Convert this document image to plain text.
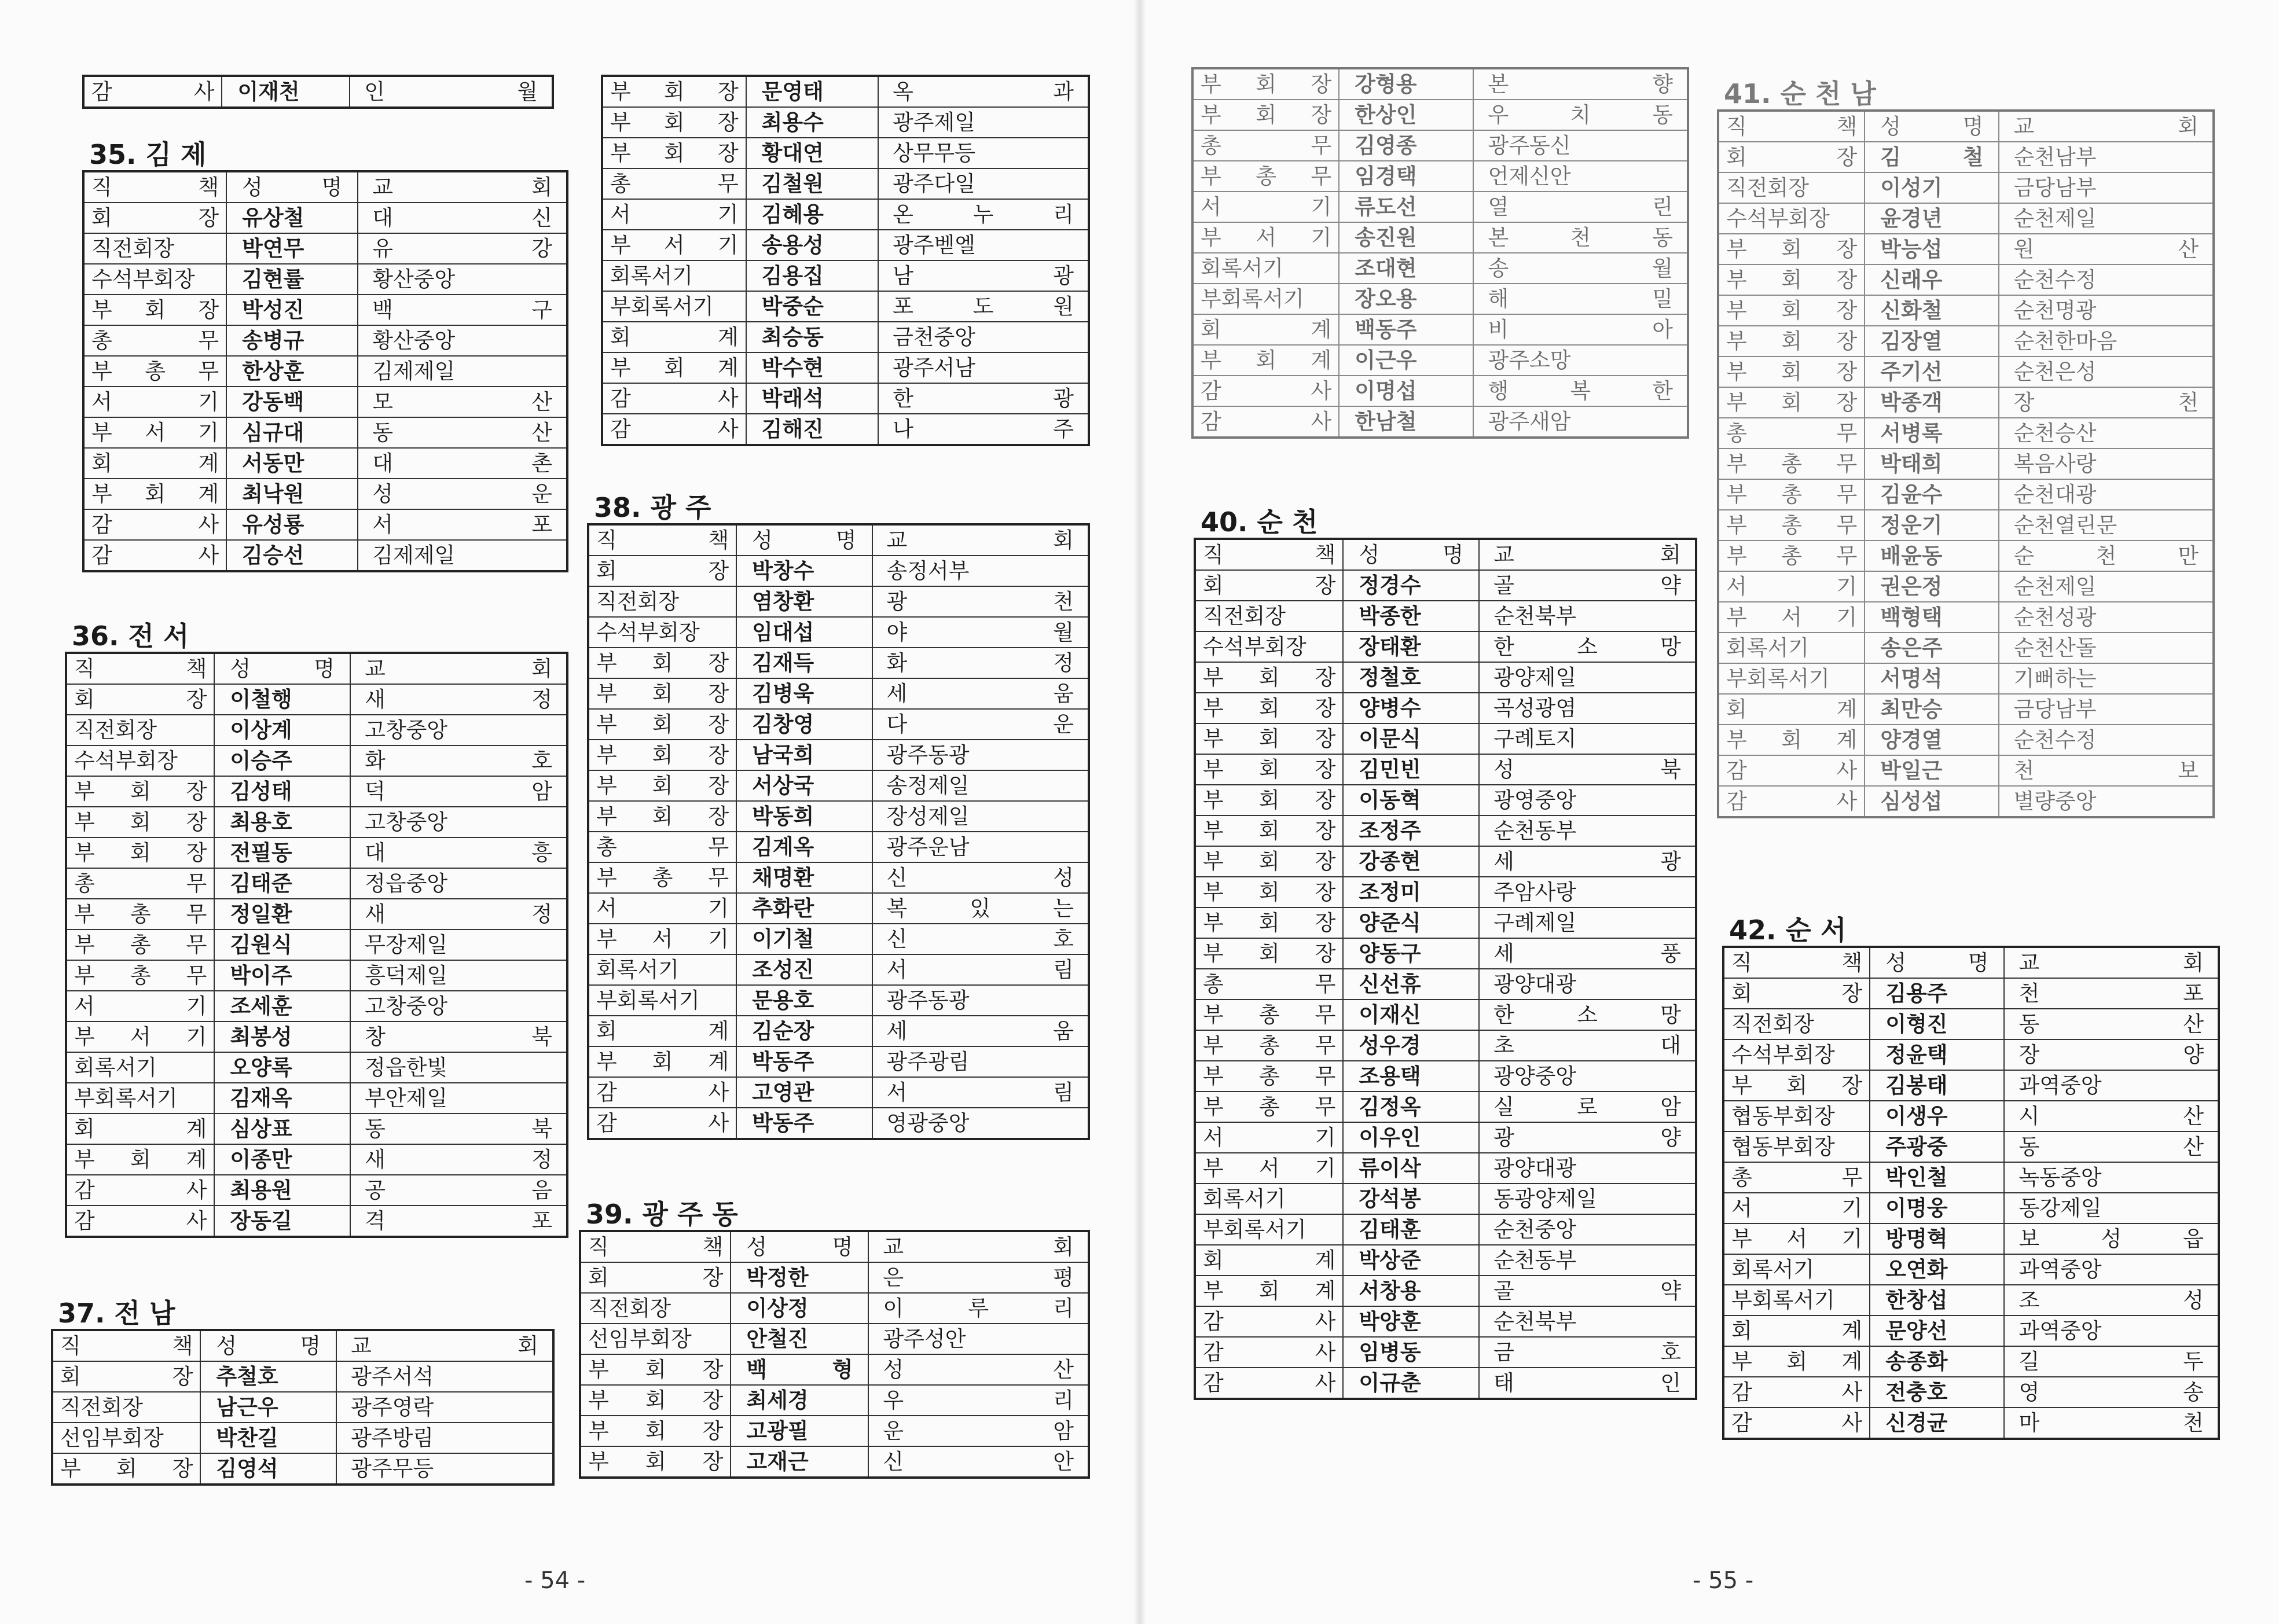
감 사	이재천	인 월
35. 김 제
직 책	성 명	교 회
회 장	유상철	대 신
직전회장	박연무	유 강
수석부회장	김현률	황산중앙
부 회 장	박성진	백 구
총 무	송병규	황산중앙
부 총 무	한상훈	김제제일
서 기	강동백	모 산
부 서 기	심규대	동 산
회 계	서동만	대 촌
부 회 계	최낙원	성 운
감 사	유성룡	서 포
감 사	김승선	김제제일
36. 전 서
직 책	성 명	교 회
회 장	이철행	새 정
직전회장	이상계	고창중앙
수석부회장	이승주	화 호
부 회 장	김성태	덕 암
부 회 장	최용호	고창중앙
부 회 장	전필동	대 흥
총 무	김태준	정읍중앙
부 총 무	정일환	새 정
부 총 무	김원식	무장제일
부 총 무	박이주	흥덕제일
서 기	조세훈	고창중앙
부 서 기	최봉성	창 북
회록서기	오양록	정읍한빛
부회록서기	김재옥	부안제일
회 계	심상표	동 북
부 회 계	이종만	새 정
감 사	최용원	공 음
감 사	장동길	격 포
37. 전 남
직 책	성 명	교 회
회 장	추철호	광주서석
직전회장	남근우	광주영락
선임부회장	박찬길	광주방림
부 회 장	김영석	광주무등
부 회 장	문영태	옥 과
부 회 장	최용수	광주제일
부 회 장	황대연	상무무등
총 무	김철원	광주다일
서 기	김혜용	온 누 리
부 서 기	송용성	광주벧엘
회록서기	김용집	남 광
부회록서기	박중순	포 도 원
회 계	최승동	금천중앙
부 회 계	박수현	광주서남
감 사	박래석	한 광
감 사	김해진	나 주
38. 광 주
직 책	성 명	교 회
회 장	박창수	송정서부
직전회장	염창환	광 천
수석부회장	임대섭	야 월
부 회 장	김재득	화 정
부 회 장	김병욱	세 움
부 회 장	김창영	다 운
부 회 장	남국희	광주동광
부 회 장	서상국	송정제일
부 회 장	박동희	장성제일
총 무	김계옥	광주운남
부 총 무	채명환	신 성
서 기	추화란	복 있 는
부 서 기	이기철	신 호
회록서기	조성진	서 림
부회록서기	문용호	광주동광
회 계	김순장	세 움
부 회 계	박동주	광주광림
감 사	고영관	서 림
감 사	박동주	영광중앙
39. 광 주 동
직 책	성 명	교 회
회 장	박정한	은 평
직전회장	이상정	이 루 리
선임부회장	안철진	광주성안
부 회 장	백 형	성 산
부 회 장	최세경	우 리
부 회 장	고광필	운 암
부 회 장	고재근	신 안
- 54 -
부 회 장	강형용	본 향
부 회 장	한상인	우 치 동
총 무	김영종	광주동신
부 총 무	임경택	언제신안
서 기	류도선	열 린
부 서 기	송진원	본 천 동
회록서기	조대현	송 월
부회록서기	장오용	해 밀
회 계	백동주	비 아
부 회 계	이근우	광주소망
감 사	이명섭	행 복 한
감 사	한남철	광주새암
40. 순 천
직 책	성 명	교 회
회 장	정경수	골 약
직전회장	박종한	순천북부
수석부회장	장태환	한 소 망
부 회 장	정철호	광양제일
부 회 장	양병수	곡성광염
부 회 장	이문식	구례토지
부 회 장	김민빈	성 북
부 회 장	이동혁	광영중앙
부 회 장	조정주	순천동부
부 회 장	강종현	세 광
부 회 장	조정미	주암사랑
부 회 장	양준식	구례제일
부 회 장	양동구	세 풍
총 무	신선휴	광양대광
부 총 무	이재신	한 소 망
부 총 무	성우경	초 대
부 총 무	조용택	광양중앙
부 총 무	김정옥	실 로 암
서 기	이우인	광 양
부 서 기	류이삭	광양대광
회록서기	강석봉	동광양제일
부회록서기	김태훈	순천중앙
회 계	박상준	순천동부
부 회 계	서창용	골 약
감 사	박양훈	순천북부
감 사	임병동	금 호
감 사	이규춘	태 인
41. 순 천 남
직 책	성 명	교 회
회 장	김 철	순천남부
직전회장	이성기	금당남부
수석부회장	윤경년	순천제일
부 회 장	박능섭	원 산
부 회 장	신래우	순천수정
부 회 장	신화철	순천명광
부 회 장	김장열	순천한마음
부 회 장	주기선	순천은성
부 회 장	박종객	장 천
총 무	서병록	순천승산
부 총 무	박태희	복음사랑
부 총 무	김윤수	순천대광
부 총 무	정운기	순천열린문
부 총 무	배윤동	순 천 만
서 기	권은정	순천제일
부 서 기	백형택	순천성광
회록서기	송은주	순천산돌
부회록서기	서명석	기뻐하는
회 계	최만승	금당남부
부 회 계	양경열	순천수정
감 사	박일근	천 보
감 사	심성섭	별량중앙
42. 순 서
직 책	성 명	교 회
회 장	김용주	천 포
직전회장	이형진	동 산
수석부회장	정윤택	장 양
부 회 장	김봉태	과역중앙
협동부회장	이생우	시 산
협동부회장	주광중	동 산
총 무	박인철	녹동중앙
서 기	이명웅	동강제일
부 서 기	방명혁	보 성 읍
회록서기	오연화	과역중앙
부회록서기	한창섭	조 성
회 계	문양선	과역중앙
부 회 계	송종화	길 두
감 사	전충호	영 송
감 사	신경균	마 천
- 55 -
